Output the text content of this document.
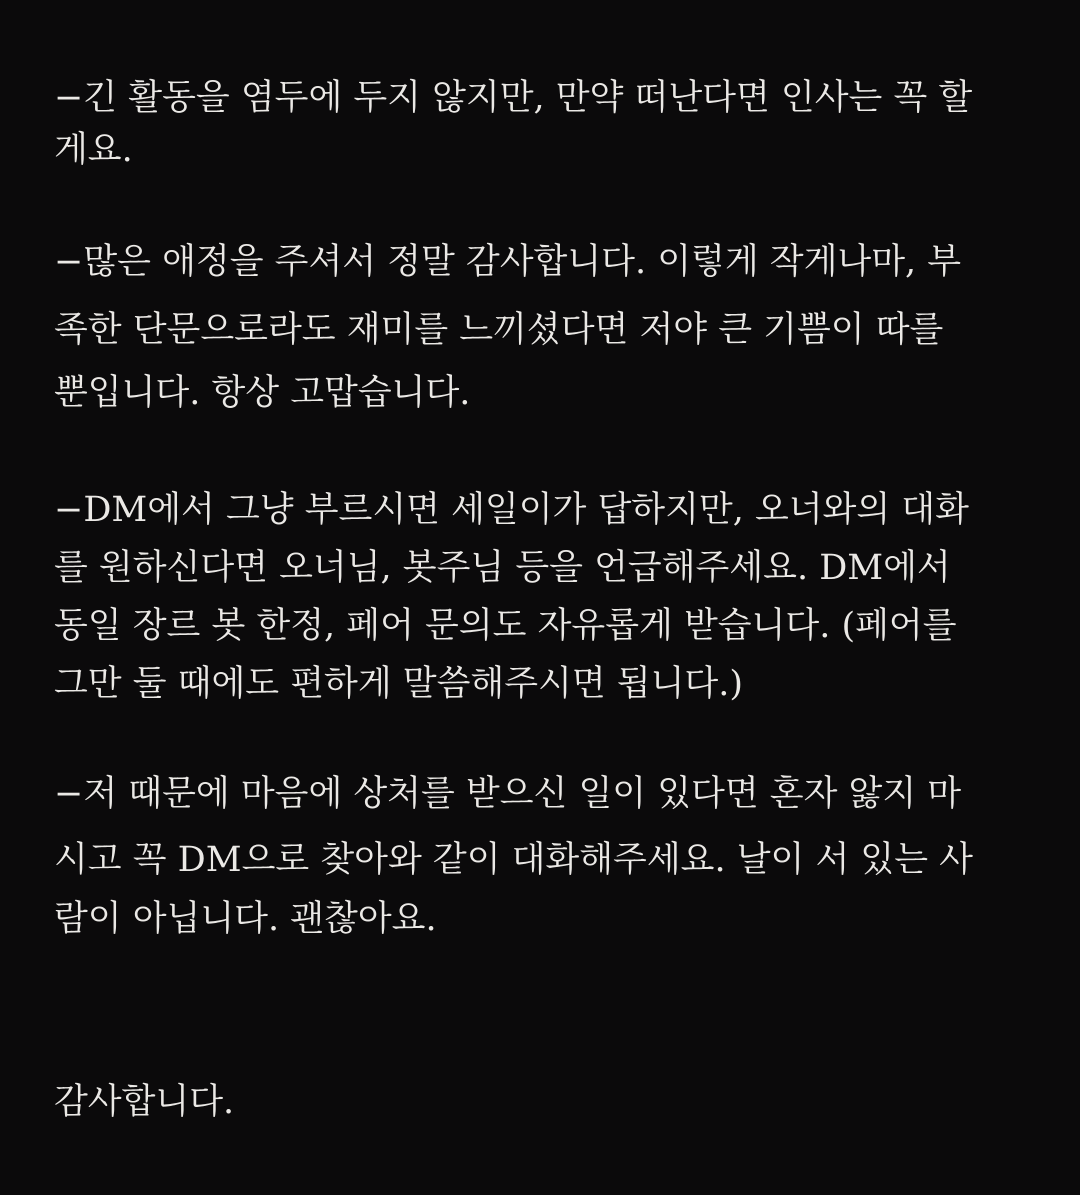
−긴 활동을 염두에 두지 않지만, 만약 떠난다면 인사는 꼭 할

게요.

−많은 애정을 주셔서 정말 감사합니다. 이렇게 작게나마, 부

족한 단문으로라도 재미를 느끼셨다면 저야 큰 기쁨이 따를

뿐입니다. 항상 고맙습니다.

−DM에서 그냥 부르시면 세일이가 답하지만, 오너와의 대화

를 원하신다면 오너님, 봇주님 등을 언급해주세요. DM에서

동일 장르 봇 한정, 페어 문의도 자유롭게 받습니다. (페어를

그만 둘 때에도 편하게 말씀해주시면 됩니다.)

−저 때문에 마음에 상처를 받으신 일이 있다면 혼자 앓지 마

시고 꼭 DM으로 찾아와 같이 대화해주세요. 날이 서 있는 사

람이 아닙니다. 괜찮아요.

감사합니다.
